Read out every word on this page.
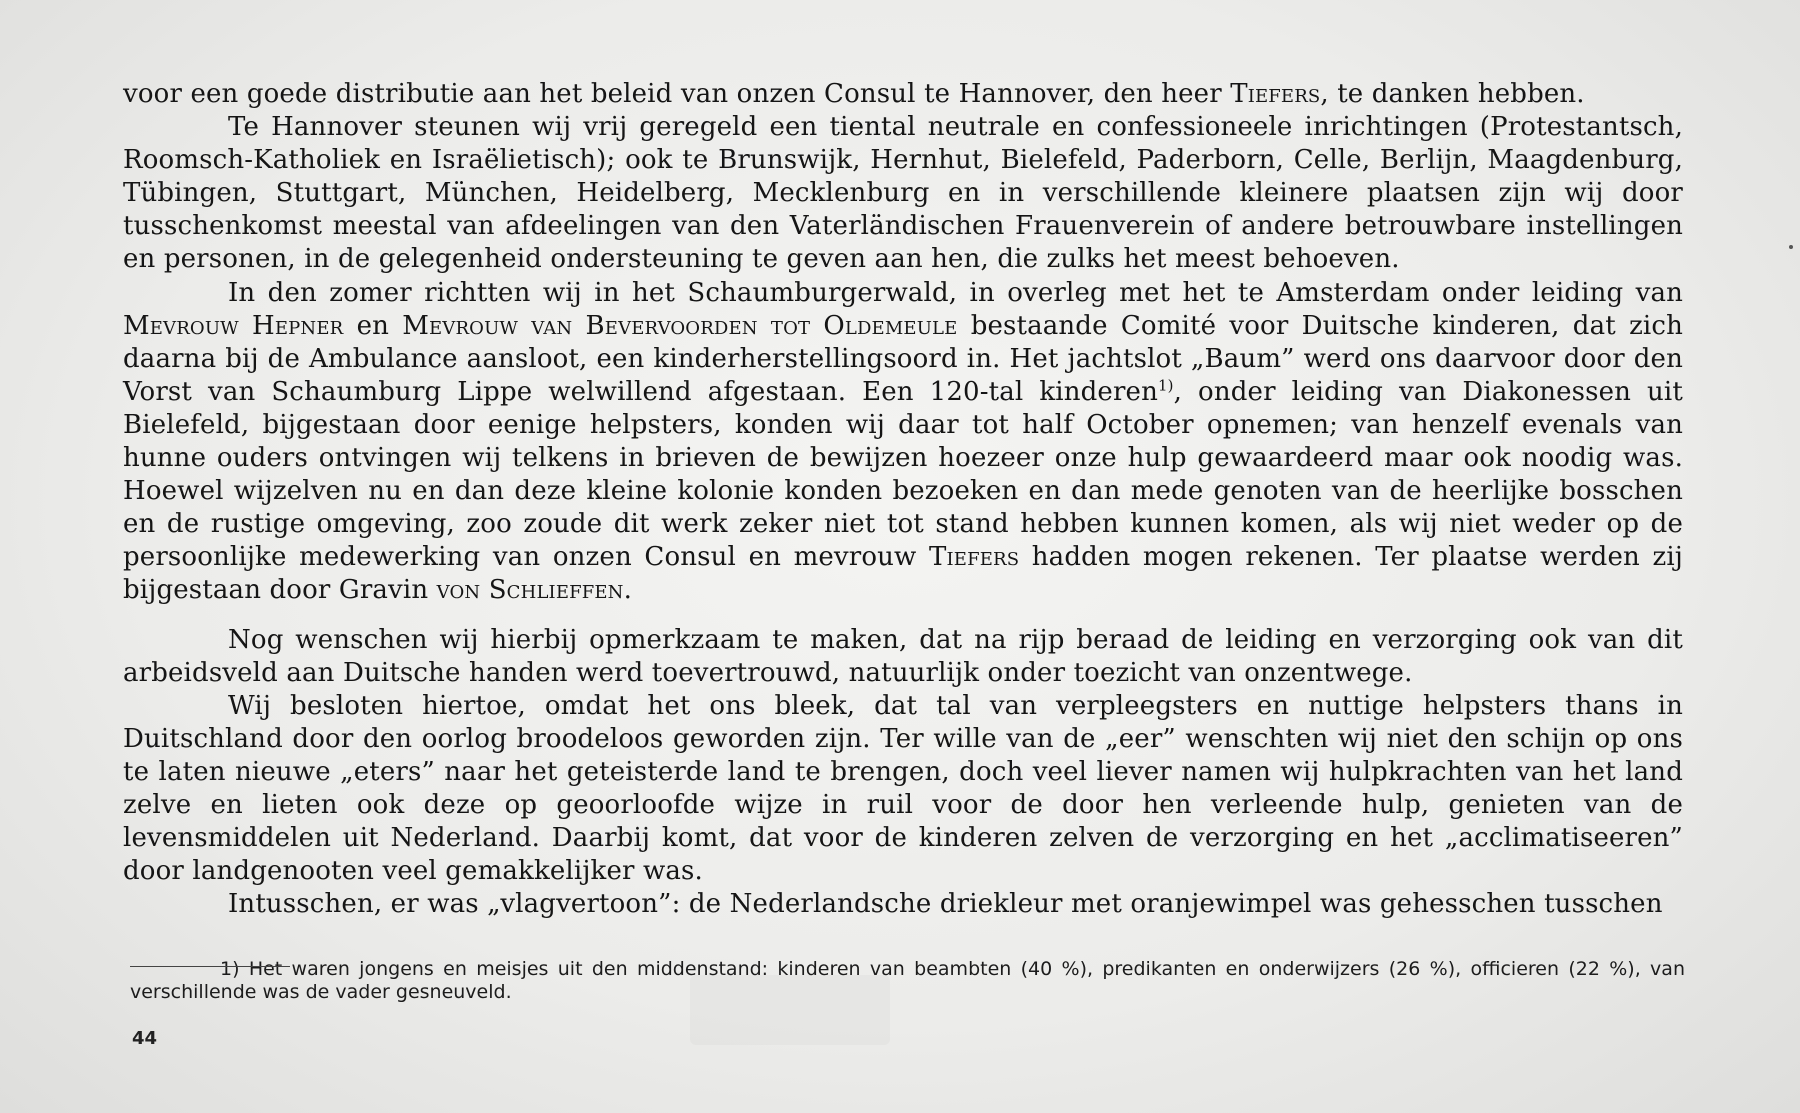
voor een goede distributie aan het beleid van onzen Consul te Hannover, den heer Tiefers, te danken hebben.

Te Hannover steunen wij vrij geregeld een tiental neutrale en confessioneele inrichtingen (Protestantsch, Roomsch-Katholiek en Israëlietisch); ook te Brunswijk, Hernhut, Bielefeld, Paderborn, Celle, Berlijn, Maagdenburg, Tübingen, Stuttgart, München, Heidelberg, Mecklenburg en in verschillende kleinere plaatsen zijn wij door tusschenkomst meestal van afdeelingen van den Vaterländischen Frauenverein of andere betrouwbare instellingen en personen, in de gelegenheid ondersteuning te geven aan hen, die zulks het meest behoeven.

In den zomer richtten wij in het Schaumburgerwald, in overleg met het te Amsterdam onder leiding van Mevrouw Hepner en Mevrouw van Bevervoorden tot Oldemeule bestaande Comité voor Duitsche kinderen, dat zich daarna bij de Ambulance aansloot, een kinderherstellingsoord in. Het jachtslot „Baum” werd ons daarvoor door den Vorst van Schaumburg Lippe welwillend afgestaan. Een 120-tal kinderen$^{1)}$, onder leiding van Diakonessen uit Bielefeld, bijgestaan door eenige helpsters, konden wij daar tot half October opnemen; van henzelf evenals van hunne ouders ontvingen wij telkens in brieven de bewijzen hoezeer onze hulp gewaardeerd maar ook noodig was. Hoewel wijzelven nu en dan deze kleine kolonie konden bezoeken en dan mede genoten van de heerlijke bosschen en de rustige omgeving, zoo zoude dit werk zeker niet tot stand hebben kunnen komen, als wij niet weder op de persoonlijke medewerking van onzen Consul en mevrouw Tiefers hadden mogen rekenen. Ter plaatse werden zij bijgestaan door Gravin von Schlieffen.

Nog wenschen wij hierbij opmerkzaam te maken, dat na rijp beraad de leiding en verzorging ook van dit arbeidsveld aan Duitsche handen werd toevertrouwd, natuurlijk onder toezicht van onzentwege.

Wij besloten hiertoe, omdat het ons bleek, dat tal van verpleegsters en nuttige helpsters thans in Duitschland door den oorlog broodeloos geworden zijn. Ter wille van de „eer” wenschten wij niet den schijn op ons te laten nieuwe „eters” naar het geteisterde land te brengen, doch veel liever namen wij hulpkrachten van het land zelve en lieten ook deze op geoorloofde wijze in ruil voor de door hen verleende hulp, genieten van de levensmiddelen uit Nederland. Daarbij komt, dat voor de kinderen zelven de verzorging en het „acclimatiseeren” door landgenooten veel gemakkelijker was.

Intusschen, er was „vlagvertoon”: de Nederlandsche driekleur met oranjewimpel was gehesschen tusschen

1) Het waren jongens en meisjes uit den middenstand: kinderen van beambten (40 %), predikanten en onderwijzers (26 %), officieren (22 %), van verschillende was de vader gesneuveld.

44
